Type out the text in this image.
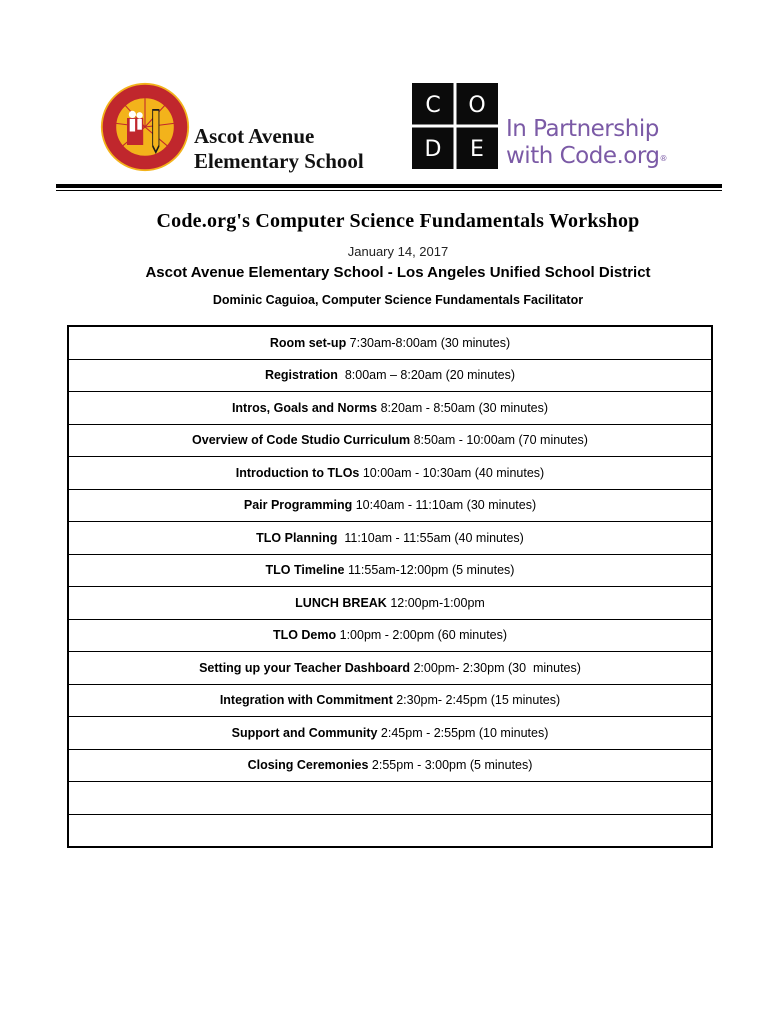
Ascot Avenue
Elementary School
C O
D E
In Partnership
with Code.org®
Code.org's Computer Science Fundamentals Workshop
January 14, 2017
Ascot Avenue Elementary School - Los Angeles Unified School District
Dominic Caguioa, Computer Science Fundamentals Facilitator
Room set-up 7:30am-8:00am (30 minutes)
Registration  8:00am – 8:20am (20 minutes)
Intros, Goals and Norms 8:20am - 8:50am (30 minutes)
Overview of Code Studio Curriculum 8:50am - 10:00am (70 minutes)
Introduction to TLOs 10:00am - 10:30am (40 minutes)
Pair Programming 10:40am - 11:10am (30 minutes)
TLO Planning  11:10am - 11:55am (40 minutes)
TLO Timeline 11:55am-12:00pm (5 minutes)
LUNCH BREAK 12:00pm-1:00pm
TLO Demo 1:00pm - 2:00pm (60 minutes)
Setting up your Teacher Dashboard 2:00pm- 2:30pm (30  minutes)
Integration with Commitment 2:30pm- 2:45pm (15 minutes)
Support and Community 2:45pm - 2:55pm (10 minutes)
Closing Ceremonies 2:55pm - 3:00pm (5 minutes)
